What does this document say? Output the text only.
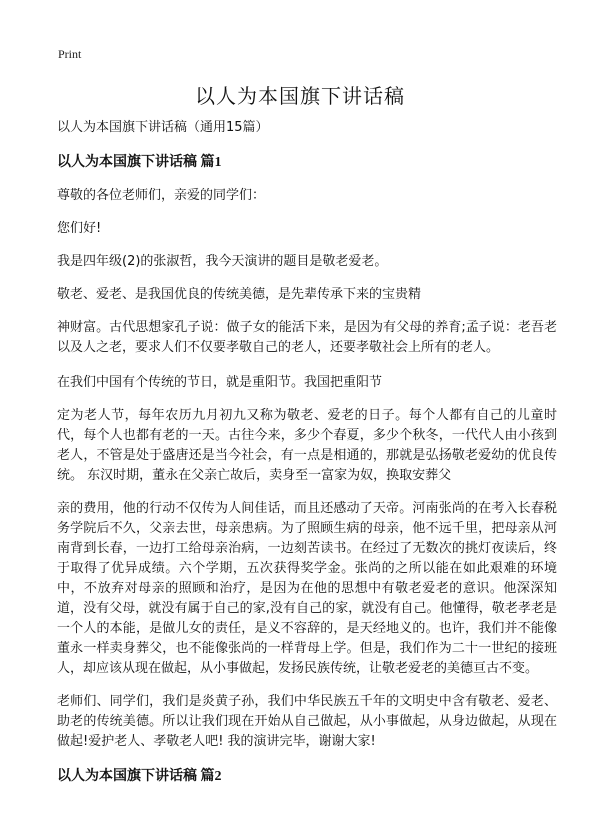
Print
以人为本国旗下讲话稿

以人为本国旗下讲话稿（通用15篇）

以人为本国旗下讲话稿 篇1

尊敬的各位老师们，亲爱的同学们：

您们好!

我是四年级(2)的张淑哲，我今天演讲的题目是敬老爱老。

敬老、爱老、是我国优良的传统美德，是先辈传承下来的宝贵精

神财富。古代思想家孔子说：做子女的能活下来，是因为有父母的养育;孟子说：老吾老以及人之老，要求人们不仅要孝敬自己的老人，还要孝敬社会上所有的老人。

在我们中国有个传统的节日，就是重阳节。我国把重阳节

定为老人节，每年农历九月初九又称为敬老、爱老的日子。每个人都有自己的儿童时代，每个人也都有老的一天。古往今来，多少个春夏，多少个秋冬，一代代人由小孩到老人，不管是处于盛唐还是当今社会，有一点是相通的，那就是弘扬敬老爱幼的优良传统。 东汉时期，董永在父亲亡故后，卖身至一富家为奴，换取安葬父

亲的费用，他的行动不仅传为人间佳话，而且还感动了天帝。河南张尚的在考入长春税务学院后不久，父亲去世，母亲患病。为了照顾生病的母亲，他不远千里，把母亲从河南背到长春，一边打工给母亲治病，一边刻苦读书。在经过了无数次的挑灯夜读后，终于取得了优异成绩。六个学期，五次获得奖学金。张尚的之所以能在如此艰难的环境中，不放弃对母亲的照顾和治疗，是因为在他的思想中有敬老爱老的意识。他深深知道，没有父母，就没有属于自己的家,没有自己的家，就没有自己。他懂得，敬老孝老是一个人的本能，是做儿女的责任，是义不容辞的，是天经地义的。也许，我们并不能像董永一样卖身葬父，也不能像张尚的一样背母上学。但是，我们作为二十一世纪的接班人，却应该从现在做起，从小事做起，发扬民族传统，让敬老爱老的美德亘古不变。

老师们、同学们，我们是炎黄子孙，我们中华民族五千年的文明史中含有敬老、爱老、助老的传统美德。所以让我们现在开始从自己做起，从小事做起，从身边做起，从现在做起!爱护老人、孝敬老人吧! 我的演讲完毕，谢谢大家!

以人为本国旗下讲话稿 篇2
